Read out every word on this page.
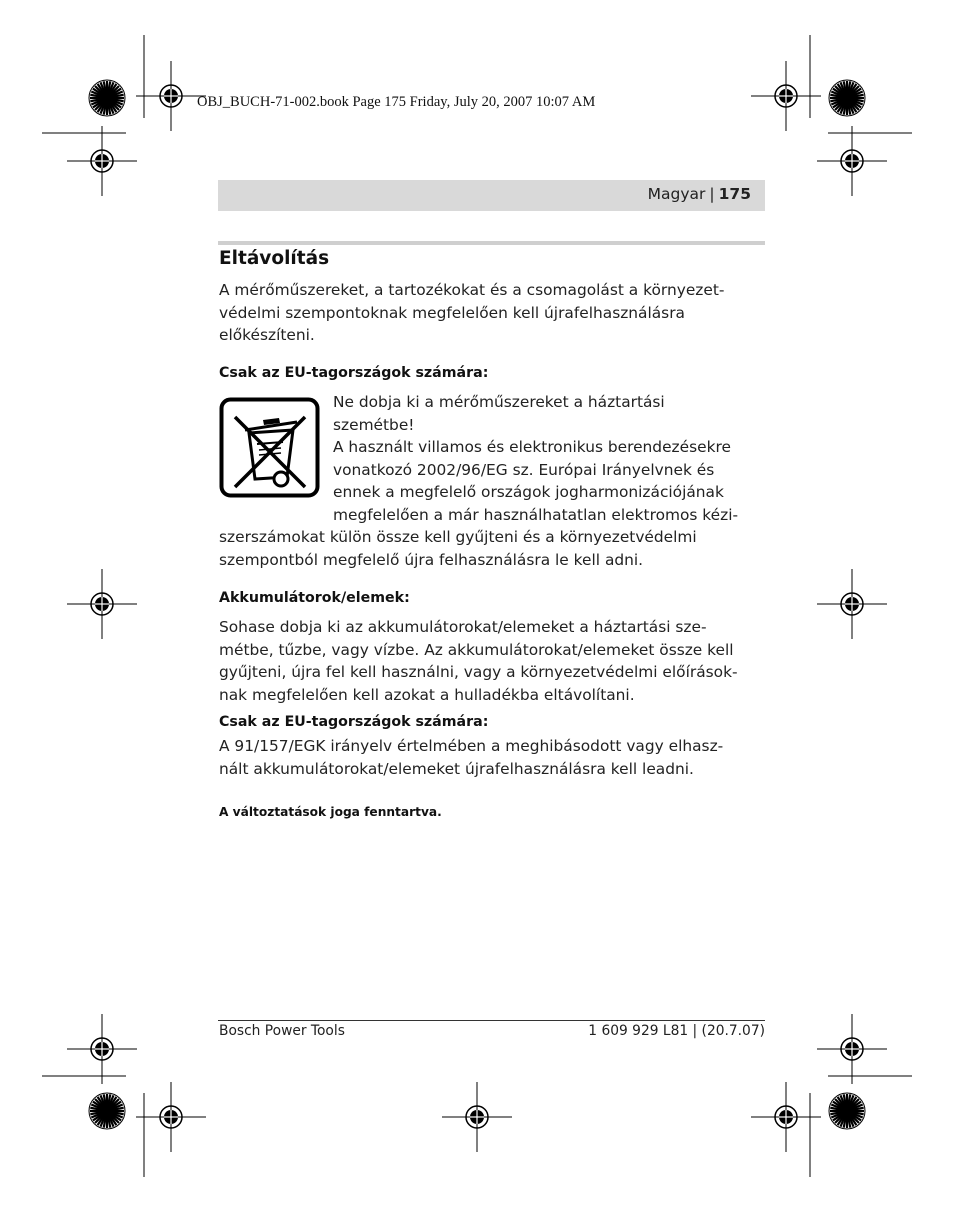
OBJ_BUCH-71-002.book Page 175 Friday, July 20, 2007 10:07 AM
Magyar | 175
Eltávolítás
A mérőműszereket, a tartozékokat és a csomagolást a környezet-
védelmi szempontoknak megfelelően kell újrafelhasználásra
előkészíteni.
Csak az EU-tagországok számára:
Ne dobja ki a mérőműszereket a háztartási
szemétbe!
A használt villamos és elektronikus berendezésekre
vonatkozó 2002/96/EG sz. Európai Irányelvnek és
ennek a megfelelő országok jogharmonizációjának
megfelelően a már használhatatlan elektromos kézi-
szerszámokat külön össze kell gyűjteni és a környezetvédelmi
szempontból megfelelő újra felhasználásra le kell adni.
Akkumulátorok/elemek:
Sohase dobja ki az akkumulátorokat/elemeket a háztartási sze-
métbe, tűzbe, vagy vízbe. Az akkumulátorokat/elemeket össze kell
gyűjteni, újra fel kell használni, vagy a környezetvédelmi előírások-
nak megfelelően kell azokat a hulladékba eltávolítani.
Csak az EU-tagországok számára:
A 91/157/EGK irányelv értelmében a meghibásodott vagy elhasz-
nált akkumulátorokat/elemeket újrafelhasználásra kell leadni.
A változtatások joga fenntartva.
Bosch Power Tools	1 609 929 L81 | (20.7.07)
